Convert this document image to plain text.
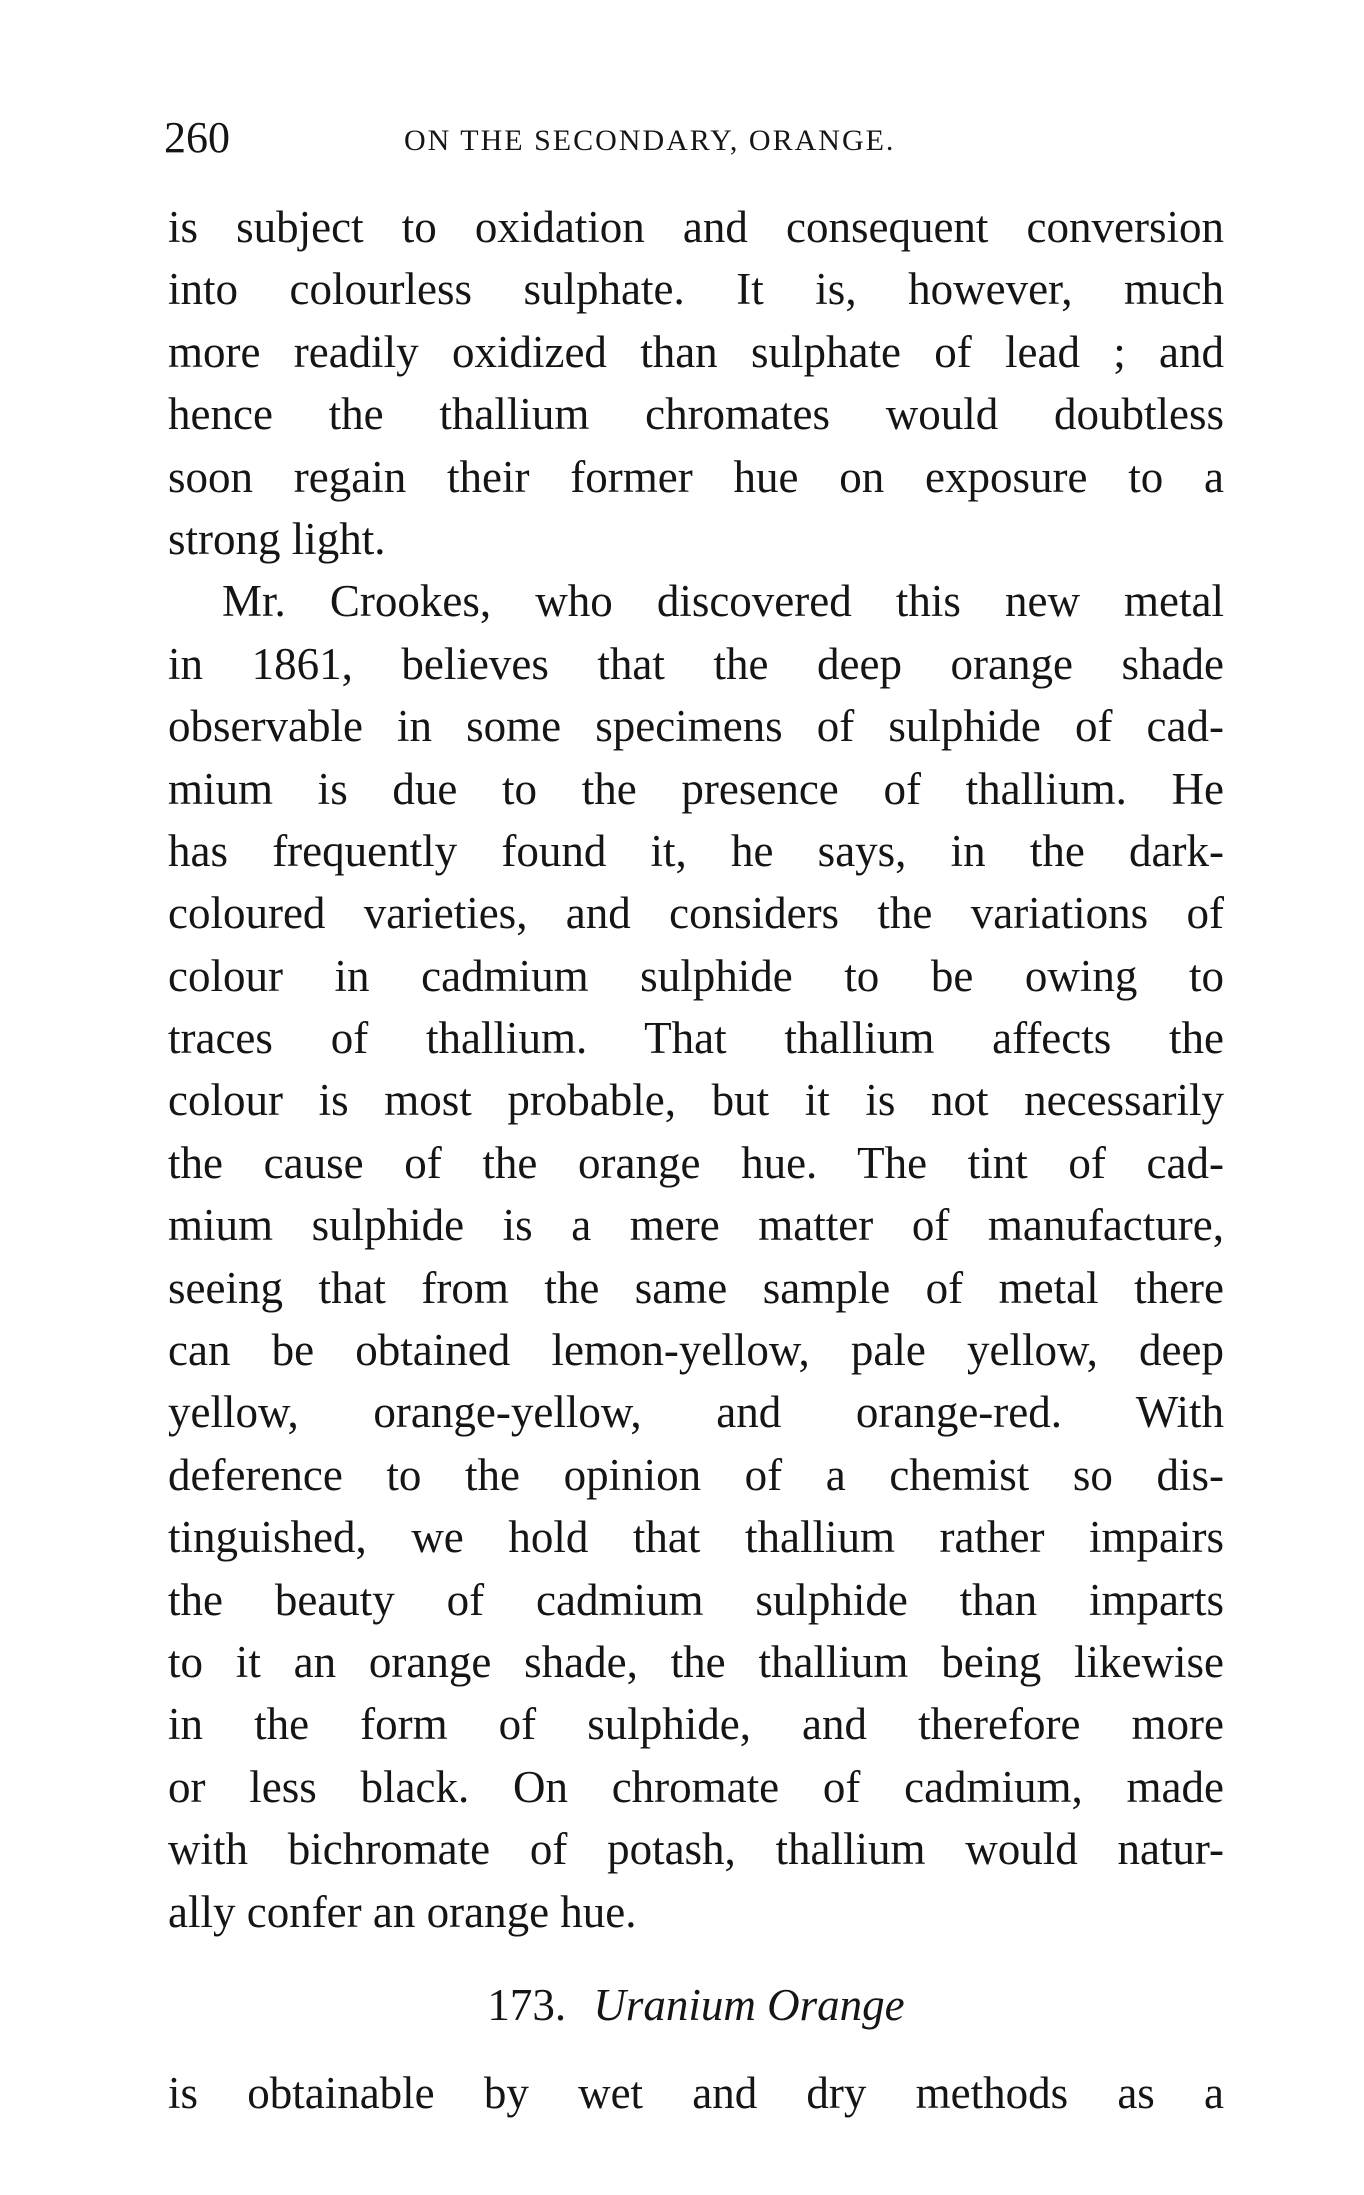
260	ON THE SECONDARY, ORANGE.
is subject to oxidation and consequent conversion
into colourless sulphate. It is, however, much
more readily oxidized than sulphate of lead ; and
hence the thallium chromates would doubtless
soon regain their former hue on exposure to a
strong light.
Mr. Crookes, who discovered this new metal
in 1861, believes that the deep orange shade
observable in some specimens of sulphide of cad-
mium is due to the presence of thallium. He
has frequently found it, he says, in the dark-
coloured varieties, and considers the variations of
colour in cadmium sulphide to be owing to
traces of thallium. That thallium affects the
colour is most probable, but it is not necessarily
the cause of the orange hue. The tint of cad-
mium sulphide is a mere matter of manufacture,
seeing that from the same sample of metal there
can be obtained lemon-yellow, pale yellow, deep
yellow, orange-yellow, and orange-red. With
deference to the opinion of a chemist so dis-
tinguished, we hold that thallium rather impairs
the beauty of cadmium sulphide than imparts
to it an orange shade, the thallium being likewise
in the form of sulphide, and therefore more
or less black. On chromate of cadmium, made
with bichromate of potash, thallium would natur-
ally confer an orange hue.
173. Uranium Orange
is obtainable by wet and dry methods as a
